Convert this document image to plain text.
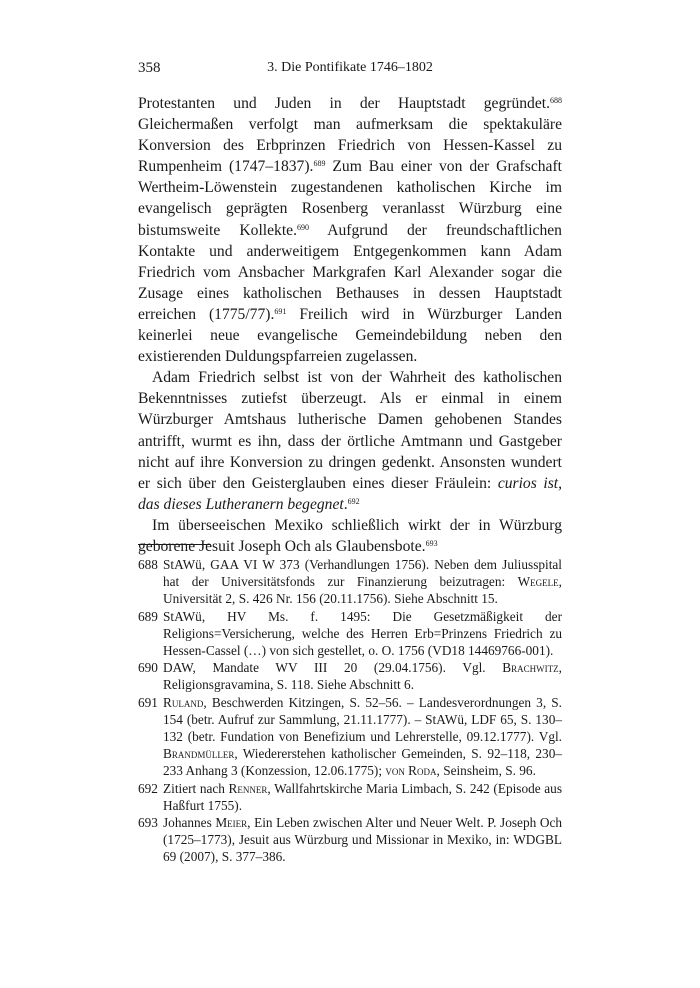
358	3. Die Pontifikate 1746–1802

Protestanten und Juden in der Hauptstadt gegründet.$^{688}$ Gleichermaßen verfolgt man aufmerksam die spektakuläre Konversion des Erbprinzen Friedrich von Hessen-Kassel zu Rumpenheim (1747–1837).$^{689}$ Zum Bau einer von der Grafschaft Wertheim-Löwenstein zugestandenen katholischen Kirche im evangelisch geprägten Rosenberg veranlasst Würzburg eine bistumsweite Kollekte.$^{690}$ Aufgrund der freundschaftlichen Kontakte und anderweitigem Entgegenkommen kann Adam Friedrich vom Ansbacher Markgrafen Karl Alexander sogar die Zusage eines katholischen Bethauses in dessen Hauptstadt erreichen (1775/77).$^{691}$ Freilich wird in Würzburger Landen keinerlei neue evangelische Gemeindebildung neben den existierenden Duldungspfarreien zugelassen.

Adam Friedrich selbst ist von der Wahrheit des katholischen Bekenntnisses zutiefst überzeugt. Als er einmal in einem Würzburger Amtshaus lutherische Damen gehobenen Standes antrifft, wurmt es ihn, dass der örtliche Amtmann und Gastgeber nicht auf ihre Konversion zu dringen gedenkt. Ansonsten wundert er sich über den Geisterglauben eines dieser Fräulein: curios ist, das dieses Lutheranern begegnet.$^{692}$

Im überseeischen Mexiko schließlich wirkt der in Würzburg geborene Jesuit Joseph Och als Glaubensbote.$^{693}$

688 StAWü, GAA VI W 373 (Verhandlungen 1756). Neben dem Juliusspital hat der Universitätsfonds zur Finanzierung beizutragen: Wegele, Universität 2, S. 426 Nr. 156 (20.11.1756). Siehe Abschnitt 15.
689 StAWü, HV Ms. f. 1495: Die Gesetzmäßigkeit der Religions=Versicherung, welche des Herren Erb=Prinzens Friedrich zu Hessen-Cassel (…) von sich gestellet, o. O. 1756 (VD18 14469766-001).
690 DAW, Mandate WV III 20 (29.04.1756). Vgl. Brachwitz, Religionsgravamina, S. 118. Siehe Abschnitt 6.
691 Ruland, Beschwerden Kitzingen, S. 52–56. – Landesverordnungen 3, S. 154 (betr. Aufruf zur Sammlung, 21.11.1777). – StAWü, LDF 65, S. 130–132 (betr. Fundation von Benefizium und Lehrerstelle, 09.12.1777). Vgl. Brandmüller, Wiedererstehen katholischer Gemeinden, S. 92–118, 230–233 Anhang 3 (Konzession, 12.06.1775); von Roda, Seinsheim, S. 96.
692 Zitiert nach Renner, Wallfahrtskirche Maria Limbach, S. 242 (Episode aus Haßfurt 1755).
693 Johannes Meier, Ein Leben zwischen Alter und Neuer Welt. P. Joseph Och (1725–1773), Jesuit aus Würzburg und Missionar in Mexiko, in: WDGBL 69 (2007), S. 377–386.
